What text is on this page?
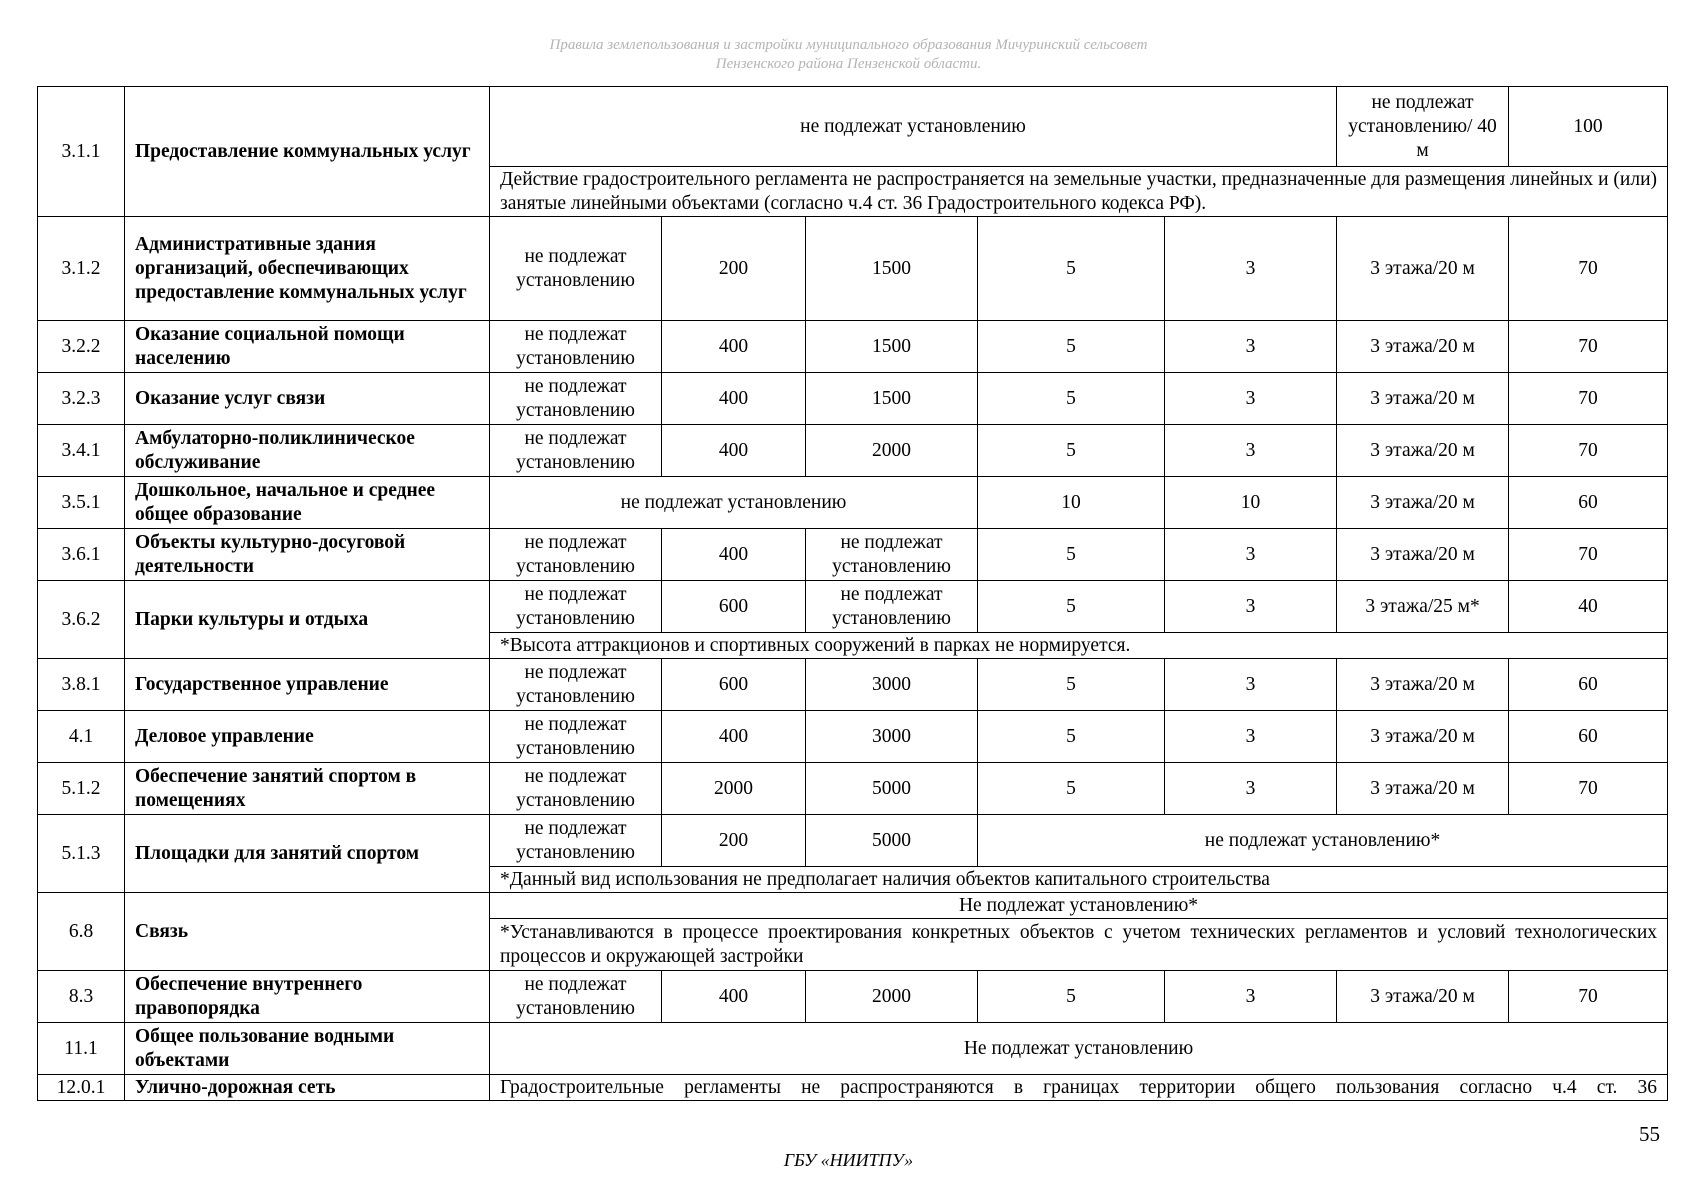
Правила землепользования и застройки муниципального образования Мичуринский сельсовет
Пензенского района Пензенской области.
3.1.1	Предоставление коммунальных услуг	не подлежат установлению					не подлежат установлению/ 40 м	100
		Действие градостроительного регламента не распространяется на земельные участки, предназначенные для размещения линейных и (или) занятые линейными объектами (согласно ч.4 ст. 36 Градостроительного кодекса РФ).						
3.1.2	Административные здания организаций, обеспечивающих предоставление коммунальных услуг	не подлежат установлению	200	1500	5	3	3 этажа/20 м	70
3.2.2	Оказание социальной помощи населению	не подлежат установлению	400	1500	5	3	3 этажа/20 м	70
3.2.3	Оказание услуг связи	не подлежат установлению	400	1500	5	3	3 этажа/20 м	70
3.4.1	Амбулаторно-поликлиническое обслуживание	не подлежат установлению	400	2000	5	3	3 этажа/20 м	70
3.5.1	Дошкольное, начальное и среднее общее образование	не подлежат установлению			10	10	3 этажа/20 м	60
3.6.1	Объекты культурно-досуговой деятельности	не подлежат установлению	400	не подлежат установлению	5	3	3 этажа/20 м	70
3.6.2	Парки культуры и отдыха	не подлежат установлению	600	не подлежат установлению	5	3	3 этажа/25 м*	40
		*Высота аттракционов и спортивных сооружений в парках не нормируется.						
3.8.1	Государственное управление	не подлежат установлению	600	3000	5	3	3 этажа/20 м	60
4.1	Деловое управление	не подлежат установлению	400	3000	5	3	3 этажа/20 м	60
5.1.2	Обеспечение занятий спортом в помещениях	не подлежат установлению	2000	5000	5	3	3 этажа/20 м	70
5.1.3	Площадки для занятий спортом	не подлежат установлению	200	5000	не подлежат установлению*			
		*Данный вид использования не предполагает наличия объектов капитального строительства						
6.8	Связь	Не подлежат установлению*						
		*Устанавливаются в процессе проектирования конкретных объектов с учетом технических регламентов и условий технологических процессов и окружающей застройки						
8.3	Обеспечение внутреннего правопорядка	не подлежат установлению	400	2000	5	3	3 этажа/20 м	70
11.1	Общее пользование водными объектами	Не подлежат установлению						
12.0.1	Улично-дорожная сеть	Градостроительные регламенты не распространяются в границах территории общего пользования согласно ч.4 ст. 36						
55
ГБУ «НИИТПУ»
